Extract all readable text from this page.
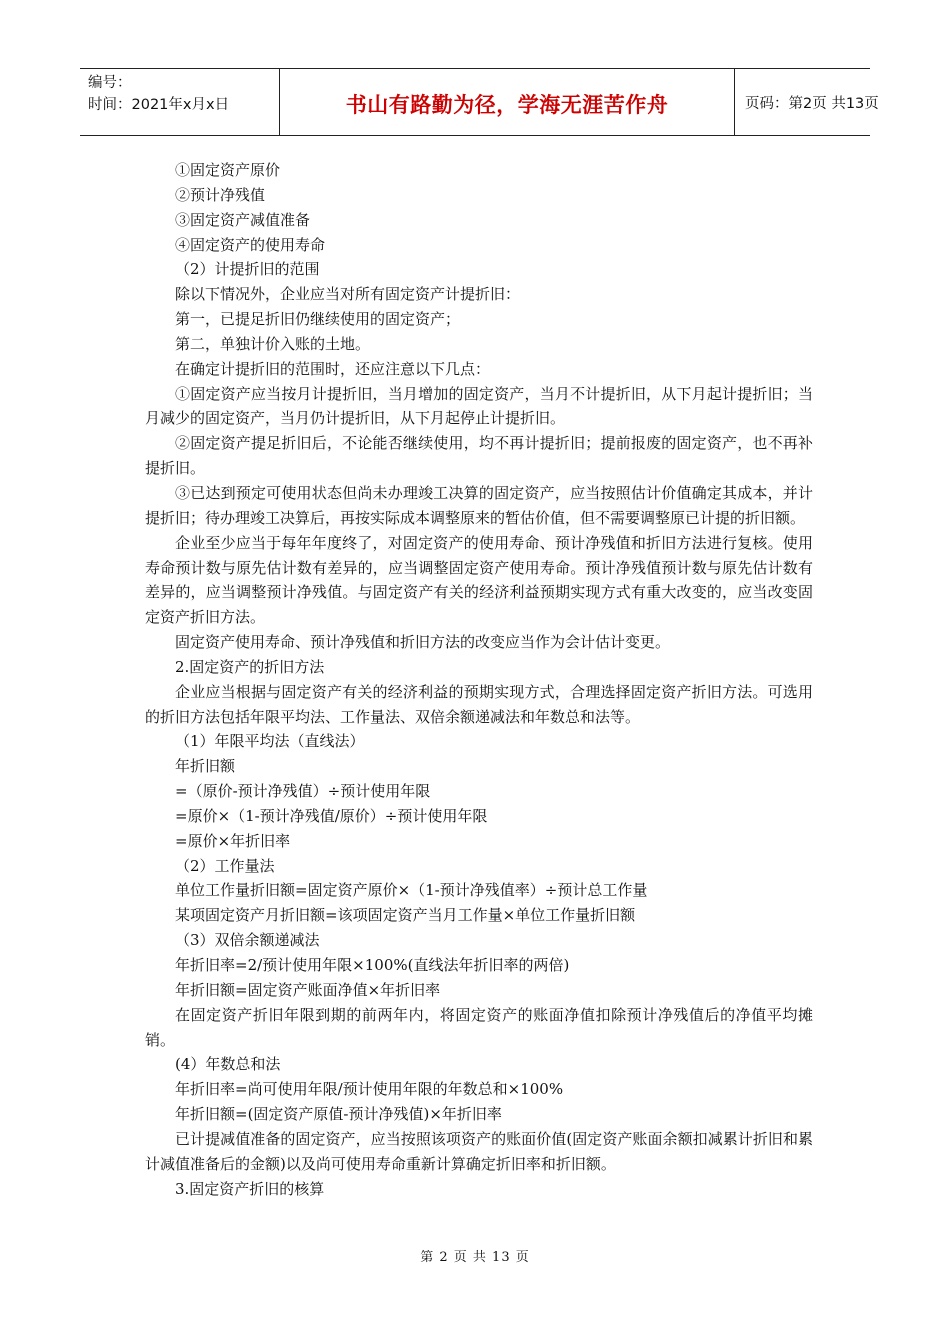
编号：
时间：2021年x月x日	书山有路勤为径，学海无涯苦作舟	页码：第2页 共13页

①固定资产原价

②预计净残值

③固定资产减值准备

④固定资产的使用寿命

（2）计提折旧的范围

除以下情况外，企业应当对所有固定资产计提折旧：

第一，已提足折旧仍继续使用的固定资产；

第二，单独计价入账的土地。

在确定计提折旧的范围时，还应注意以下几点：

①固定资产应当按月计提折旧，当月增加的固定资产，当月不计提折旧，从下月起计提折旧；当月减少的固定资产，当月仍计提折旧，从下月起停止计提折旧。

②固定资产提足折旧后，不论能否继续使用，均不再计提折旧；提前报废的固定资产，也不再补提折旧。

③已达到预定可使用状态但尚未办理竣工决算的固定资产，应当按照估计价值确定其成本，并计提折旧；待办理竣工决算后，再按实际成本调整原来的暂估价值，但不需要调整原已计提的折旧额。

企业至少应当于每年年度终了，对固定资产的使用寿命、预计净残值和折旧方法进行复核。使用寿命预计数与原先估计数有差异的，应当调整固定资产使用寿命。预计净残值预计数与原先估计数有差异的，应当调整预计净残值。与固定资产有关的经济利益预期实现方式有重大改变的，应当改变固定资产折旧方法。

固定资产使用寿命、预计净残值和折旧方法的改变应当作为会计估计变更。

2.固定资产的折旧方法

企业应当根据与固定资产有关的经济利益的预期实现方式，合理选择固定资产折旧方法。可选用的折旧方法包括年限平均法、工作量法、双倍余额递减法和年数总和法等。

（1）年限平均法（直线法）

年折旧额

=（原价-预计净残值）÷预计使用年限

=原价×（1-预计净残值/原价）÷预计使用年限

=原价×年折旧率

（2）工作量法

单位工作量折旧额=固定资产原价×（1-预计净残值率）÷预计总工作量

某项固定资产月折旧额=该项固定资产当月工作量×单位工作量折旧额

（3）双倍余额递减法

年折旧率=2/预计使用年限×100%(直线法年折旧率的两倍)

年折旧额=固定资产账面净值×年折旧率

在固定资产折旧年限到期的前两年内，将固定资产的账面净值扣除预计净残值后的净值平均摊销。

(4）年数总和法

年折旧率=尚可使用年限/预计使用年限的年数总和×100%

年折旧额=(固定资产原值-预计净残值)×年折旧率

已计提减值准备的固定资产，应当按照该项资产的账面价值(固定资产账面余额扣减累计折旧和累计减值准备后的金额)以及尚可使用寿命重新计算确定折旧率和折旧额。

3.固定资产折旧的核算

第 2 页 共 13 页
